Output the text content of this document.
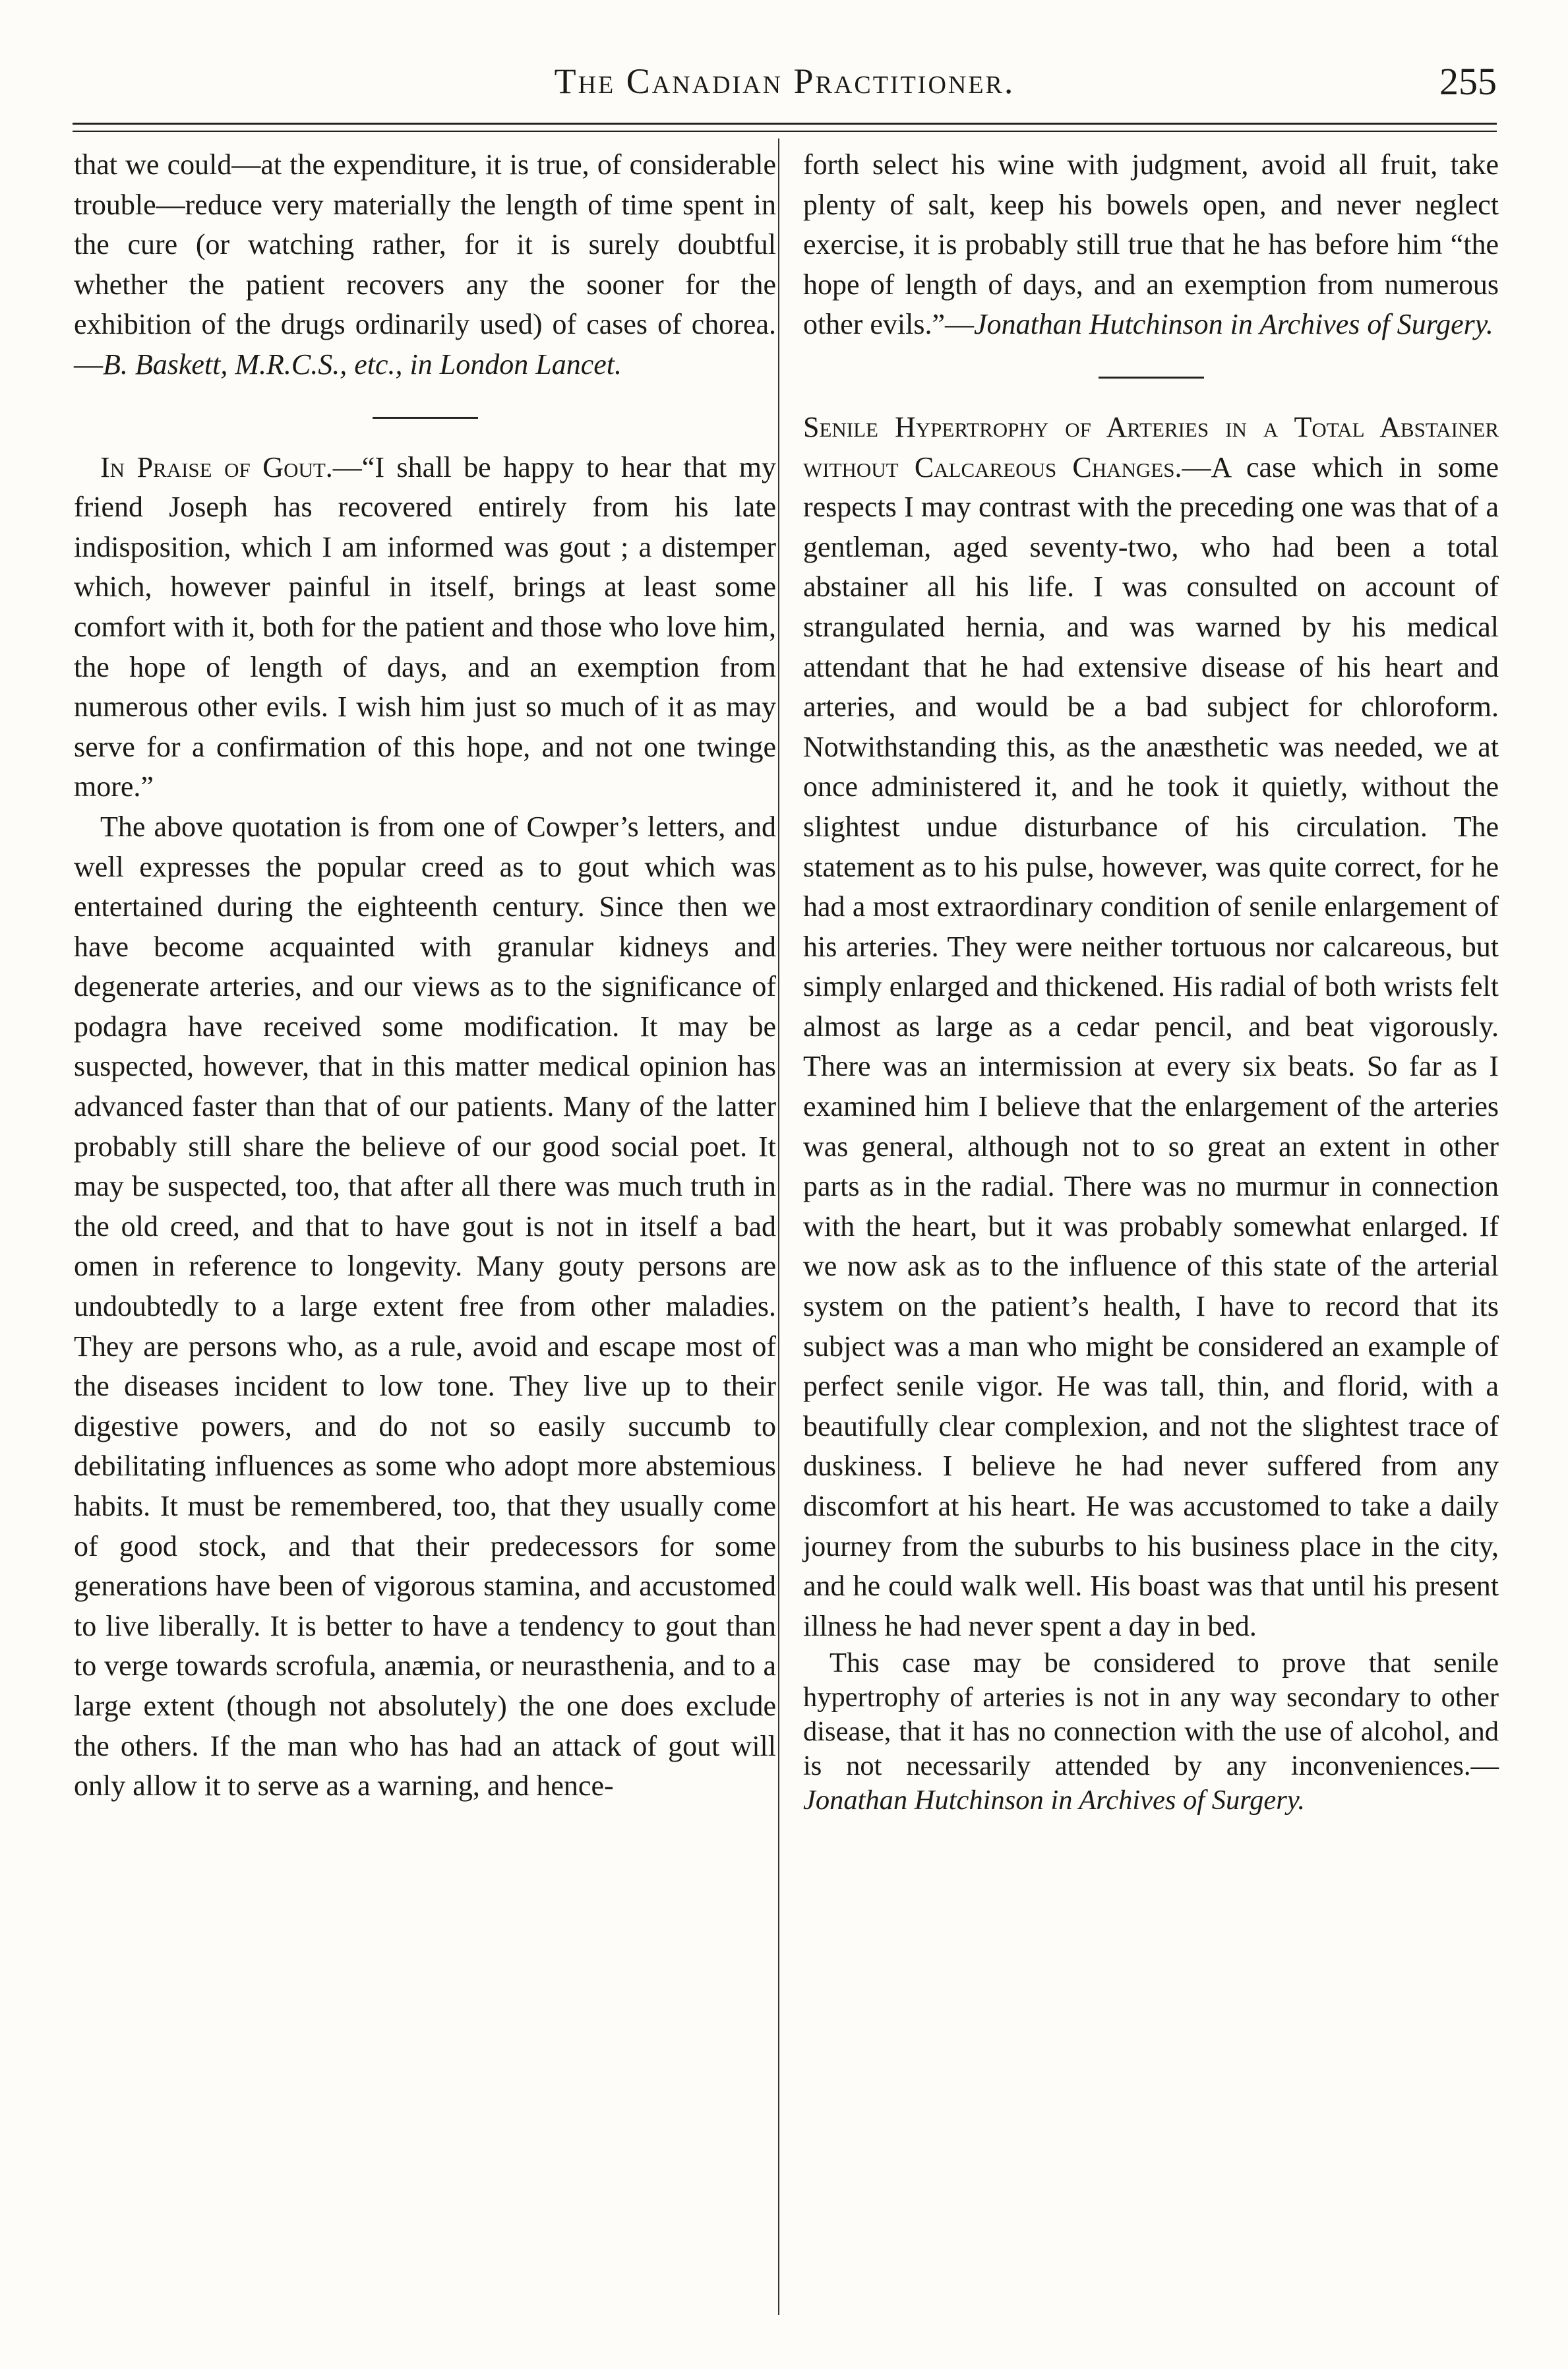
The Canadian Practitioner.	255

that we could—at the expenditure, it is true, of considerable trouble—reduce very materially the length of time spent in the cure (or watching rather, for it is surely doubtful whether the patient recovers any the sooner for the exhibition of the drugs ordinarily used) of cases of chorea.—B. Baskett, M.R.C.S., etc., in London Lancet.

In Praise of Gout.—“I shall be happy to hear that my friend Joseph has recovered entirely from his late indisposition, which I am informed was gout ; a distemper which, however painful in itself, brings at least some comfort with it, both for the patient and those who love him, the hope of length of days, and an exemption from numerous other evils. I wish him just so much of it as may serve for a confirmation of this hope, and not one twinge more.”

The above quotation is from one of Cowper’s letters, and well expresses the popular creed as to gout which was entertained during the eighteenth century. Since then we have become acquainted with granular kidneys and degenerate arteries, and our views as to the significance of podagra have received some modification. It may be suspected, however, that in this matter medical opinion has advanced faster than that of our patients. Many of the latter probably still share the believe of our good social poet. It may be suspected, too, that after all there was much truth in the old creed, and that to have gout is not in itself a bad omen in reference to longevity. Many gouty persons are undoubtedly to a large extent free from other maladies. They are persons who, as a rule, avoid and escape most of the diseases incident to low tone. They live up to their digestive powers, and do not so easily succumb to debilitating influences as some who adopt more abstemious habits. It must be remembered, too, that they usually come of good stock, and that their predecessors for some generations have been of vigorous stamina, and accustomed to live liberally. It is better to have a tendency to gout than to verge towards scrofula, anæmia, or neurasthenia, and to a large extent (though not absolutely) the one does exclude the others. If the man who has had an attack of gout will only allow it to serve as a warning, and hence-

forth select his wine with judgment, avoid all fruit, take plenty of salt, keep his bowels open, and never neglect exercise, it is probably still true that he has before him “the hope of length of days, and an exemption from numerous other evils.”—Jonathan Hutchinson in Archives of Surgery.

Senile Hypertrophy of Arteries in a Total Abstainer without Calcareous Changes.—A case which in some respects I may contrast with the preceding one was that of a gentleman, aged seventy-two, who had been a total abstainer all his life. I was consulted on account of strangulated hernia, and was warned by his medical attendant that he had extensive disease of his heart and arteries, and would be a bad subject for chloroform. Notwithstanding this, as the anæsthetic was needed, we at once administered it, and he took it quietly, without the slightest undue disturbance of his circulation. The statement as to his pulse, however, was quite correct, for he had a most extraordinary condition of senile enlargement of his arteries. They were neither tortuous nor calcareous, but simply enlarged and thickened. His radial of both wrists felt almost as large as a cedar pencil, and beat vigorously. There was an intermission at every six beats. So far as I examined him I believe that the enlargement of the arteries was general, although not to so great an extent in other parts as in the radial. There was no murmur in connection with the heart, but it was probably somewhat enlarged. If we now ask as to the influence of this state of the arterial system on the patient’s health, I have to record that its subject was a man who might be considered an example of perfect senile vigor. He was tall, thin, and florid, with a beautifully clear complexion, and not the slightest trace of duskiness. I believe he had never suffered from any discomfort at his heart. He was accustomed to take a daily journey from the suburbs to his business place in the city, and he could walk well. His boast was that until his present illness he had never spent a day in bed.

This case may be considered to prove that senile hypertrophy of arteries is not in any way secondary to other disease, that it has no connection with the use of alcohol, and is not necessarily attended by any inconveniences.—Jonathan Hutchinson in Archives of Surgery.
